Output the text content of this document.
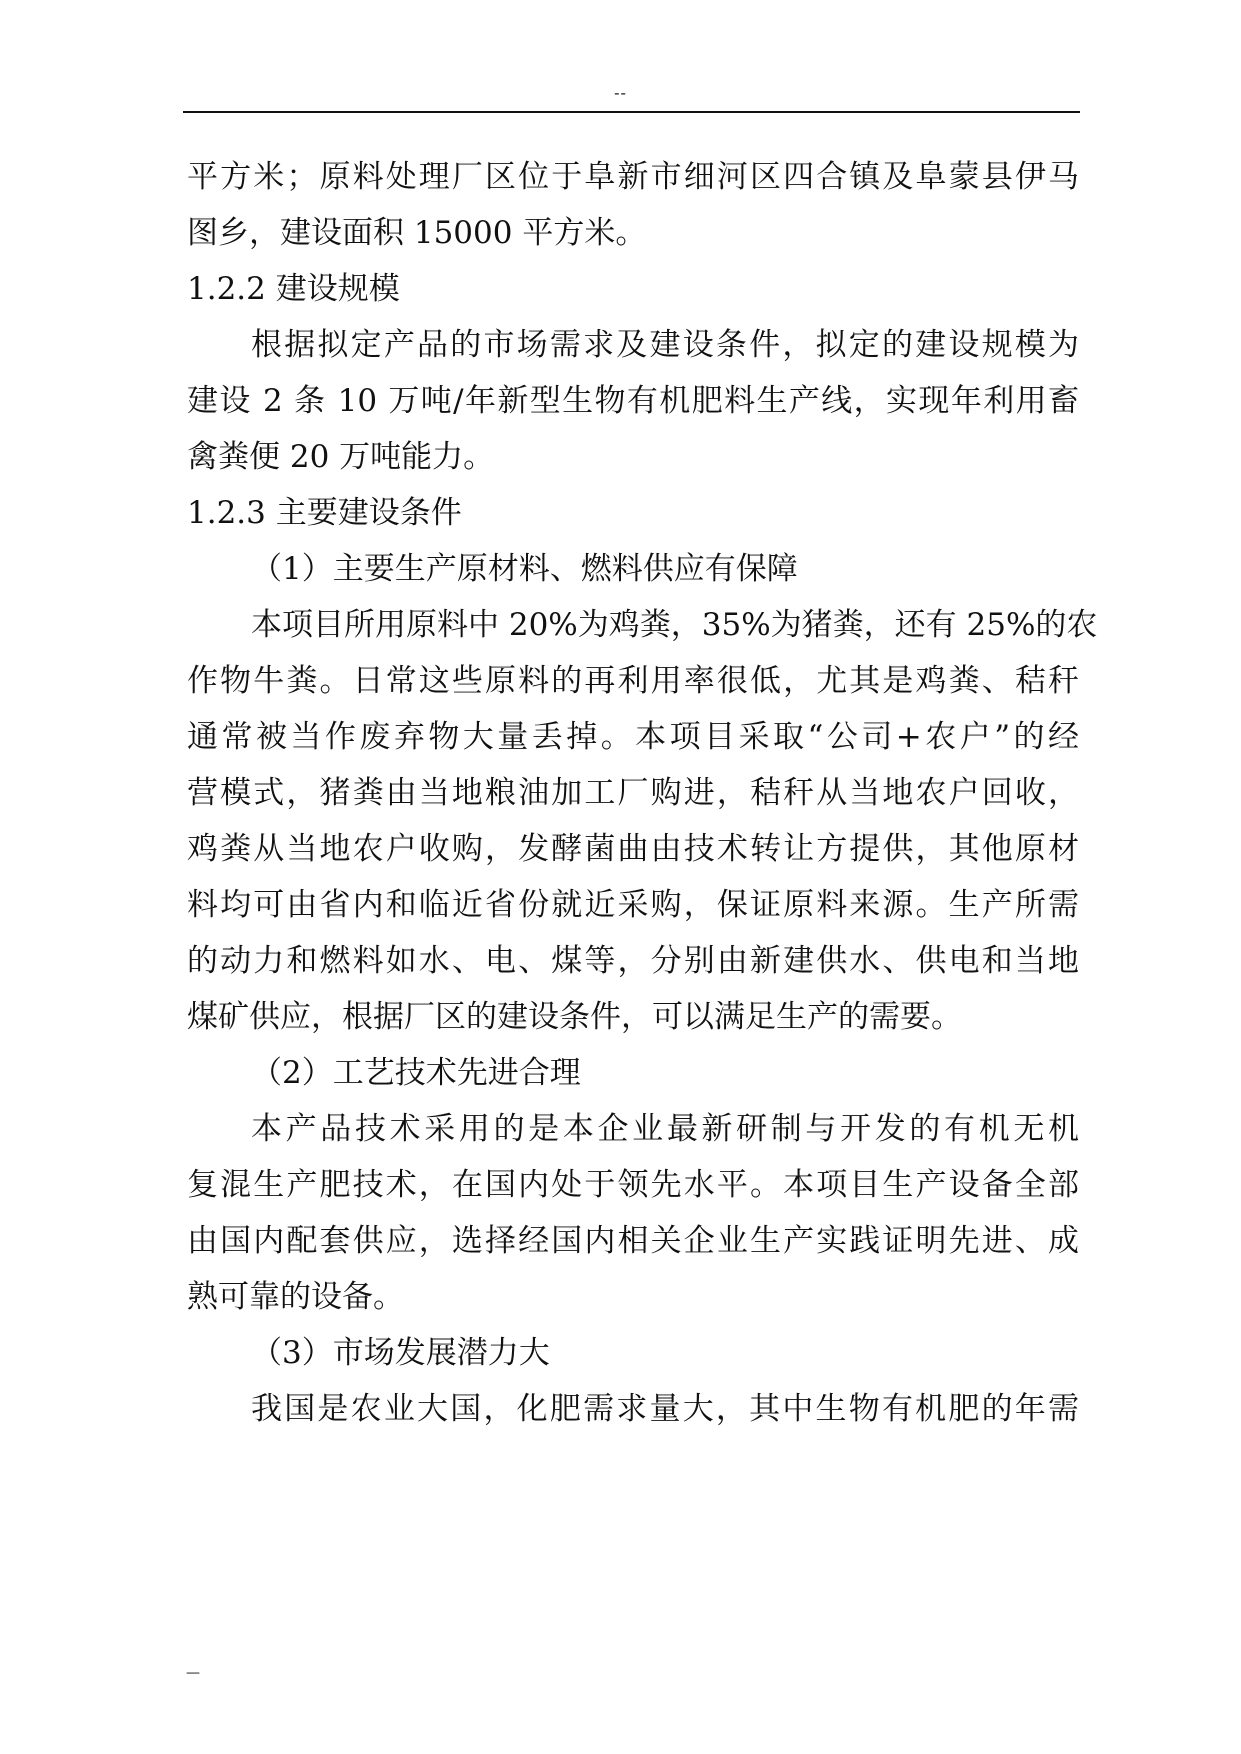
--
平方米；原料处理厂区位于阜新市细河区四合镇及阜蒙县伊马
图乡，建设面积 15000 平方米。
1.2.2 建设规模
根据拟定产品的市场需求及建设条件，拟定的建设规模为
建设 2 条 10 万吨/年新型生物有机肥料生产线，实现年利用畜
禽粪便 20 万吨能力。
1.2.3 主要建设条件
（1）主要生产原材料、燃料供应有保障
本项目所用原料中 20%为鸡粪，35%为猪粪，还有 25%的农
作物牛粪。日常这些原料的再利用率很低，尤其是鸡粪、秸秆
通常被当作废弃物大量丢掉。本项目采取“公司+农户”的经
营模式，猪粪由当地粮油加工厂购进，秸秆从当地农户回收，
鸡粪从当地农户收购，发酵菌曲由技术转让方提供，其他原材
料均可由省内和临近省份就近采购，保证原料来源。生产所需
的动力和燃料如水、电、煤等，分别由新建供水、供电和当地
煤矿供应，根据厂区的建设条件，可以满足生产的需要。
（2）工艺技术先进合理
本产品技术采用的是本企业最新研制与开发的有机无机
复混生产肥技术，在国内处于领先水平。本项目生产设备全部
由国内配套供应，选择经国内相关企业生产实践证明先进、成
熟可靠的设备。
（3）市场发展潜力大
我国是农业大国，化肥需求量大，其中生物有机肥的年需
—
